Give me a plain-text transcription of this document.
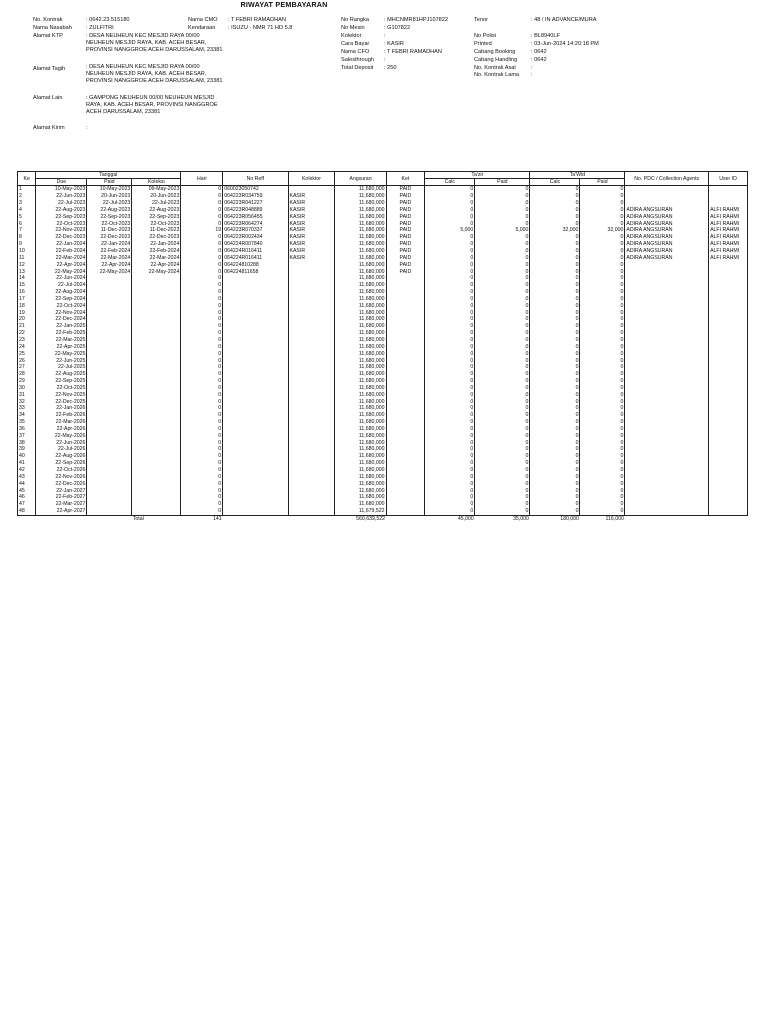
RIWAYAT PEMBAYARAN
No. Kontrak	: 0642.23.515180
Nama Nasabah	: ZULFITRI
Alamat KTP	: DESA NEUHEUN KEC MESJID RAYA 00/00 NEUHEUN MESJID RAYA, KAB. ACEH BESAR, PROVINSI NANGGROE ACEH DARUSSALAM, 23381
Alamat Tagih	: DESA NEUHEUN KEC MESJID RAYA 00/00 NEUHEUN MESJID RAYA, KAB. ACEH BESAR, PROVINSI NANGGROE ACEH DARUSSALAM, 23381
Alamat Lain	: GAMPONG NEUHEUN 00/00 NEUHEUN MESJID RAYA, KAB. ACEH BESAR, PROVINSI NANGGROE ACEH DARUSSALAM, 23381
Alamat Kirim	:
Nama CMO : T FEBRI RAMADHAN
Kendaraan : ISUZU - NMR 71 HD 5.8
No Rangka	: MHCNMR81HPJ107822
No Mesin	: G107822
Kolektor	:
Cara Bayar	: KASIR
Nama CFO	: T FEBRI RAMADHAN
Salesthrough :
Total Deposit : 250
Tenor	: 48 / IN ADVANCE/MURA
No Polisi	: BL8940LF
Printed	: 03-Jun-2024 14:20:18 PM
Cabang Booking	: 0642
Cabang Handling : 0642
No. Kontrak Asal	:
No. Kontrak Lama :
Ke	Tanggal			Hari	No Reff	Kolektor	Angsuran	Ket	Ta'zir		Ta'Wid		No. PDC / Collection Agents	User ID
	Due	Paid	Koleksi						Calc	Paid	Calc	Paid		
1	10-May-2023	10-May-2023	09-May-2023	0	060023050742		11,680,000	PAID	0	0	0	0		
2	22-Jun-2023	20-Jun-2023	20-Jun-2023	0	064223R034759	KASIR	11,680,000	PAID	0	0	0	0		
3	22-Jul-2023	22-Jul-2023	22-Jul-2023	0	064223R041227	KASIR	11,680,000	PAID	0	0	0	0		
4	22-Aug-2023	22-Aug-2023	22-Aug-2023	0	064223R048889	KASIR	11,680,000	PAID	0	0	0	0	ADIRA ANGSURAN	ALFI RAHMI
5	22-Sep-2023	22-Sep-2023	22-Sep-2023	0	064223R056455	KASIR	11,680,000	PAID	0	0	0	0	ADIRA ANGSURAN	ALFI RAHMI
6	22-Oct-2023	22-Oct-2023	22-Oct-2023	0	064223R064274	KASIR	11,680,000	PAID	0	0	0	0	ADIRA ANGSURAN	ALFI RAHMI
7	22-Nov-2023	11-Dec-2023	11-Dec-2023	19	064223R070337	KASIR	11,680,000	PAID	5,000	5,000	32,000	32,000	ADIRA ANGSURAN	ALFI RAHMI
8	22-Dec-2023	22-Dec-2023	22-Dec-2023	0	064223R002434	KASIR	11,680,000	PAID	0	0	0	0	ADIRA ANGSURAN	ALFI RAHMI
9	22-Jan-2024	22-Jan-2024	22-Jan-2024	0	064224R007840	KASIR	11,680,000	PAID	0	0	0	0	ADIRA ANGSURAN	ALFI RAHMI
10	22-Feb-2024	22-Feb-2024	22-Feb-2024	0	064224R016411	KASIR	11,680,000	PAID	0	0	0	0	ADIRA ANGSURAN	ALFI RAHMI
11	22-Mar-2024	22-Mar-2024	22-Mar-2024	0	064224R016411	KASIR	11,680,000	PAID	0	0	0	0	ADIRA ANGSURAN	ALFI RAHMI
12	22-Apr-2024	22-Apr-2024	22-Apr-2024	0	064224810288		11,680,000	PAID	0	0	0	0		
13	22-May-2024	22-May-2024	22-May-2024	0	064224811658		11,680,000	PAID	0	0	0	0		
14	22-Jun-2024			0			11,680,000		0	0	0	0		
15	22-Jul-2024			0			11,680,000		0	0	0	0		
16	22-Aug-2024			0			11,680,000		0	0	0	0		
17	22-Sep-2024			0			11,680,000		0	0	0	0		
18	22-Oct-2024			0			11,680,000		0	0	0	0		
19	22-Nov-2024			0			11,680,000		0	0	0	0		
20	22-Dec-2024			0			11,680,000		0	0	0	0		
21	22-Jan-2025			0			11,680,000		0	0	0	0		
22	22-Feb-2025			0			11,680,000		0	0	0	0		
23	22-Mar-2025			0			11,680,000		0	0	0	0		
24	22-Apr-2025			0			11,680,000		0	0	0	0		
25	22-May-2025			0			11,680,000		0	0	0	0		
26	22-Jun-2025			0			11,680,000		0	0	0	0		
27	22-Jul-2025			0			11,680,000		0	0	0	0		
28	22-Aug-2025			0			11,680,000		0	0	0	0		
29	22-Sep-2025			0			11,680,000		0	0	0	0		
30	22-Oct-2025			0			11,680,000		0	0	0	0		
31	22-Nov-2025			0			11,680,000		0	0	0	0		
32	22-Dec-2025			0			11,680,000		0	0	0	0		
33	22-Jan-2026			0			11,680,000		0	0	0	0		
34	22-Feb-2026			0			11,680,000		0	0	0	0		
35	22-Mar-2026			0			11,680,000		0	0	0	0		
36	22-Apr-2026			0			11,680,000		0	0	0	0		
37	22-May-2026			0			11,680,000		0	0	0	0		
38	22-Jun-2026			0			11,680,000		0	0	0	0		
39	22-Jul-2026			0			11,680,000		0	0	0	0		
40	22-Aug-2026			0			11,680,000		0	0	0	0		
41	22-Sep-2026			0			11,680,000		0	0	0	0		
42	22-Oct-2026			0			11,680,000		0	0	0	0		
43	22-Nov-2026			0			11,680,000		0	0	0	0		
44	22-Dec-2026			0			11,680,000		0	0	0	0		
45	22-Jan-2027			0			11,680,000		0	0	0	0		
46	22-Feb-2027			0			11,680,000		0	0	0	0		
47	22-Mar-2027			0			11,680,000		0	0	0	0		
48	22-Apr-2027			0			11,679,522		0	0	0	0		
			Total	141			560,639,522		45,000	35,000	180,000	116,000		
